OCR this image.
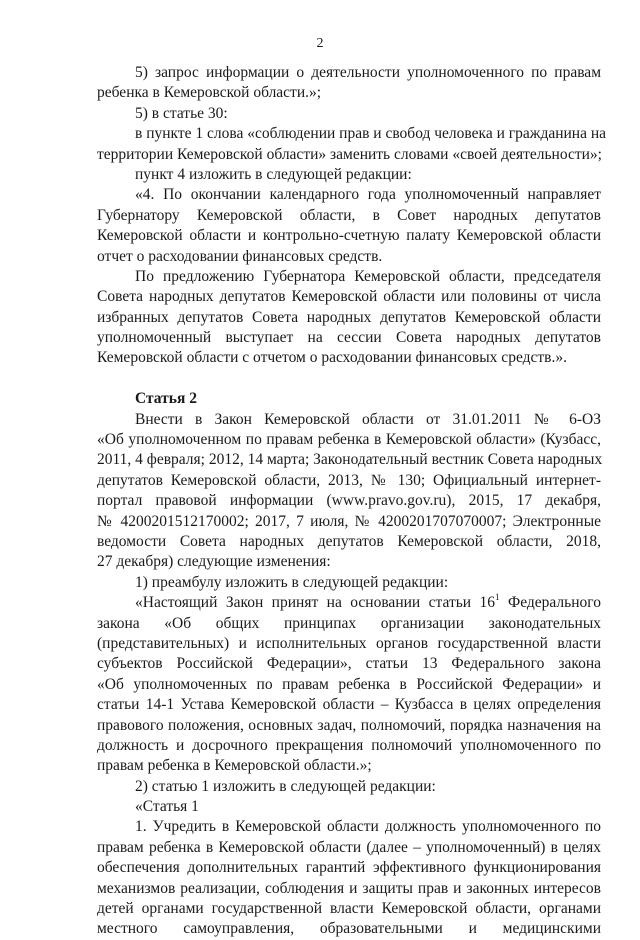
2
5) запрос информации о деятельности уполномоченного по правам
ребенка в Кемеровской области.»;
5) в статье 30:
в пункте 1 слова «соблюдении прав и свобод человека и гражданина на
территории Кемеровской области» заменить словами «своей деятельности»;
пункт 4 изложить в следующей редакции:
«4. По окончании календарного года уполномоченный направляет
Губернатору Кемеровской области, в Совет народных депутатов
Кемеровской области и контрольно-счетную палату Кемеровской области
отчет о расходовании финансовых средств.
По предложению Губернатора Кемеровской области, председателя
Совета народных депутатов Кемеровской области или половины от числа
избранных депутатов Совета народных депутатов Кемеровской области
уполномоченный выступает на сессии Совета народных депутатов
Кемеровской области с отчетом о расходовании финансовых средств.».
Статья 2
Внести в Закон Кемеровской области от 31.01.2011 № 6-ОЗ
«Об уполномоченном по правам ребенка в Кемеровской области» (Кузбасс,
2011, 4 февраля; 2012, 14 марта; Законодательный вестник Совета народных
депутатов Кемеровской области, 2013, № 130; Официальный интернет-
портал правовой информации (www.pravo.gov.ru), 2015, 17 декабря,
№ 4200201512170002; 2017, 7 июля, № 4200201707070007; Электронные
ведомости Совета народных депутатов Кемеровской области, 2018,
27 декабря) следующие изменения:
1) преамбулу изложить в следующей редакции:
«Настоящий Закон принят на основании статьи $16^1$ Федерального
закона «Об общих принципах организации законодательных
(представительных) и исполнительных органов государственной власти
субъектов Российской Федерации», статьи 13 Федерального закона
«Об уполномоченных по правам ребенка в Российской Федерации» и
статьи 14-1 Устава Кемеровской области – Кузбасса в целях определения
правового положения, основных задач, полномочий, порядка назначения на
должность и досрочного прекращения полномочий уполномоченного по
правам ребенка в Кемеровской области.»;
2) статью 1 изложить в следующей редакции:
«Статья 1
1. Учредить в Кемеровской области должность уполномоченного по
правам ребенка в Кемеровской области (далее – уполномоченный) в целях
обеспечения дополнительных гарантий эффективного функционирования
механизмов реализации, соблюдения и защиты прав и законных интересов
детей органами государственной власти Кемеровской области, органами
местного самоуправления, образовательными и медицинскими
